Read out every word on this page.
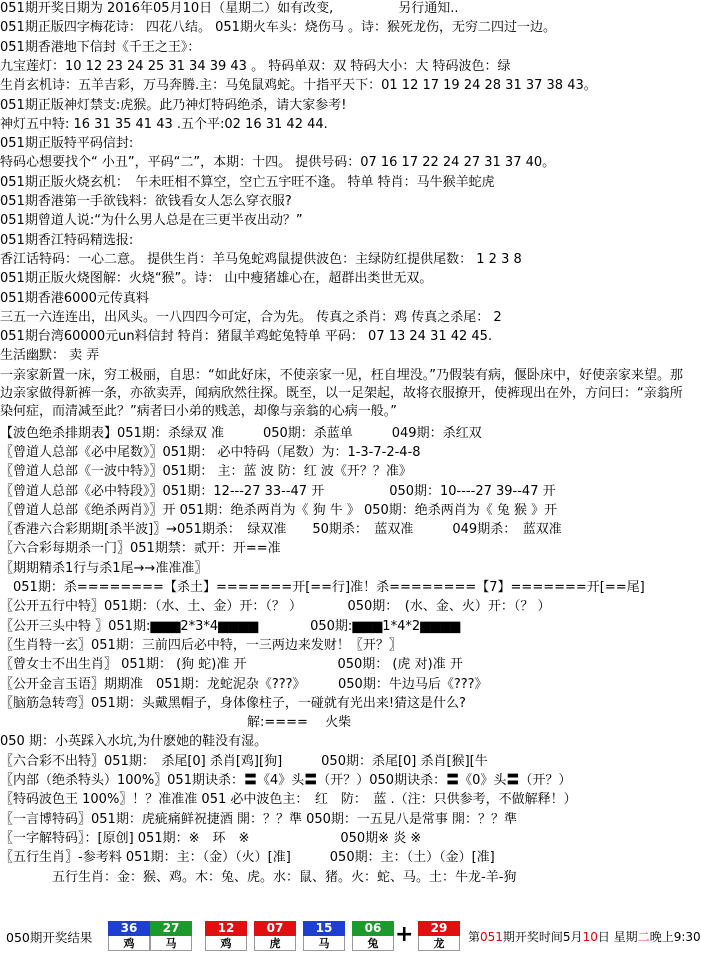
051期开奖日期为 2016年05月10日（星期二）如有改变,　　　　　另行通知..
051期正版四字梅花诗： 四花八结。 051期火车头：烧伤马 。诗：猴死龙伤，无穷二四过一边。
051期香港地下信封《千王之王》：
九宝莲灯：10 12 23 24 25 31 34 39 43 。 特码单双：双 特码大小：大 特码波色：绿
生肖玄机诗：五羊吉彩，万马奔腾.主：马兔鼠鸡蛇。十指平天下：01 12 17 19 24 28 31 37 38 43。
051期正版神灯禁支:虎猴。此乃神灯特码绝杀，请大家参考!
神灯五中特: 16 31 35 41 43 .五个平:02 16 31 42 44.
051期正版特平码信封:
特码心想要找个“ 小丑”，平码“二”，本期：十四。 提供号码：07 16 17 22 24 27 31 37 40。
051期正版火烧玄机：　午未旺相不算空，空亡五宇旺不逢。 特单 特肖：马牛猴羊蛇虎
051期香港第一手欲钱料：欲钱看女人怎么穿衣服?
051期曾道人说:“为什么男人总是在三更半夜出动？”
051期香江特码精选报:
香江话特码：一心二意。 提供生肖：羊马兔蛇鸡鼠提供波色：主绿防红提供尾数： 1 2 3 8
051期正版火烧图解：火烧“猴”。诗： 山中瘦猪雄心在，超群出类世无双。
051期香港6000元传真料
三五一六连连出，出风头。一八四四今可定，合为先。 传真之杀肖：鸡 传真之杀尾： 2
051期台湾60000元un料信封 特肖：猪鼠羊鸡蛇兔特单 平码： 07 13 24 31 42 45.
生活幽默： 卖 弄
【波色绝杀排期表】051期：杀绿双 准　　　050期：杀蓝单　　　049期：杀红双
〖曾道人总部《必中尾数》〗051期： 必中特码（尾数）为：1-3-7-2-4-8
〖曾道人总部《一波中特》〗051期： 主：蓝 波 防：红 波《开？？准》
〖曾道人总部《必中特段》〗051期：12---27 33--47 开　　　　　050期：10----27 39--47 开
〖曾道人总部《绝杀两肖》〗开 051期：绝杀两肖为《 狗 牛 》 050期：绝杀两肖为《 兔 猴 》开
〖香港六合彩期期[杀半波]〗→051期杀：　绿双准　　50期杀：　蓝双准　　　049期杀：　蓝双准
〖六合彩每期杀一门〗051期禁：贰开：开==准
〖期期精杀1行与杀1尾→→准准准〗
　051期：杀========【杀土】=======开[==行]准！杀========【7】=======开[==尾]
〖公开五行中特〗051期：（水、土、金）开：（？ ）　　　　050期：　(水、金、火）开：（？ ）
〖公开三头中特 〗051期:▆▆▆2*3*4▆▆▆▆　　　　050期:▆▆▆1*4*2▆▆▆▆
〖生肖特一玄〗051期：三前四后必中特，一三两边来发财！〖开？〗
〖曾女士不出生肖〗 051期： (狗 蛇)准 开　　　　　　　050期： (虎 对)准 开
〖公开金言玉语〗期期准　051期：龙蛇泥杂《???》　　　050期：牛边马后《???》
〖脑筋急转弯〗051期：头戴黑帽子，身体像柱子，一碰就有光出来!猜这是什么?
　　　　　　　　　　　　　　　　　　　解:====　 火柴
050 期：小英踩入水坑,为什麽她的鞋没有湿。
〖六合彩不出特〗051期：　杀尾[0] 杀肖[鸡][狗]　　　050期：杀尾[0] 杀肖[猴][牛
〖内部（绝杀特头）100%〗051期诀杀：〓《4》头〓（开？）050期诀杀：〓《0》头〓（开？）
〖特码波色王 100%〗！？准准准 051 必中波色主：　红　防：　蓝 .（注：只供参考，不做解释！）
〖一言博特码〗051期：虎疵痛鲜祝捷酒 開：？？準 050期：一五見八是常事 開：？？準
〖一字解特码〗：[原创] 051期：※　环　※　　　　　　　050期※ 炎 ※
〖五行生肖〗-参考料 051期：主：（金）（火）[准]　　　050期：主：（土）（金）[准]
　　　　五行生肖：金：猴、鸡。木：兔、虎。水：鼠、猪。火：蛇、马。土：牛龙-羊-狗
一亲家新置一床，穷工极丽，自思：“如此好床，不使亲家一见，枉自埋没。”乃假装有病，偃卧床中，好使亲家来望。那边亲家做得新裤一条，亦欲卖弄，闻病欣然往探。既至，以一足架起，故将衣服撩开，使裤现出在外，方问曰：“亲翁所染何症，而清减至此？”病者曰小弟的贱恙，却像与亲翁的心病一般。”
050期开奖结果
36
鸡
27
马
12
鸡
07
虎
15
马
06
兔
29
龙
+	第051期开奖时间5月10日 星期二晚上9:30
